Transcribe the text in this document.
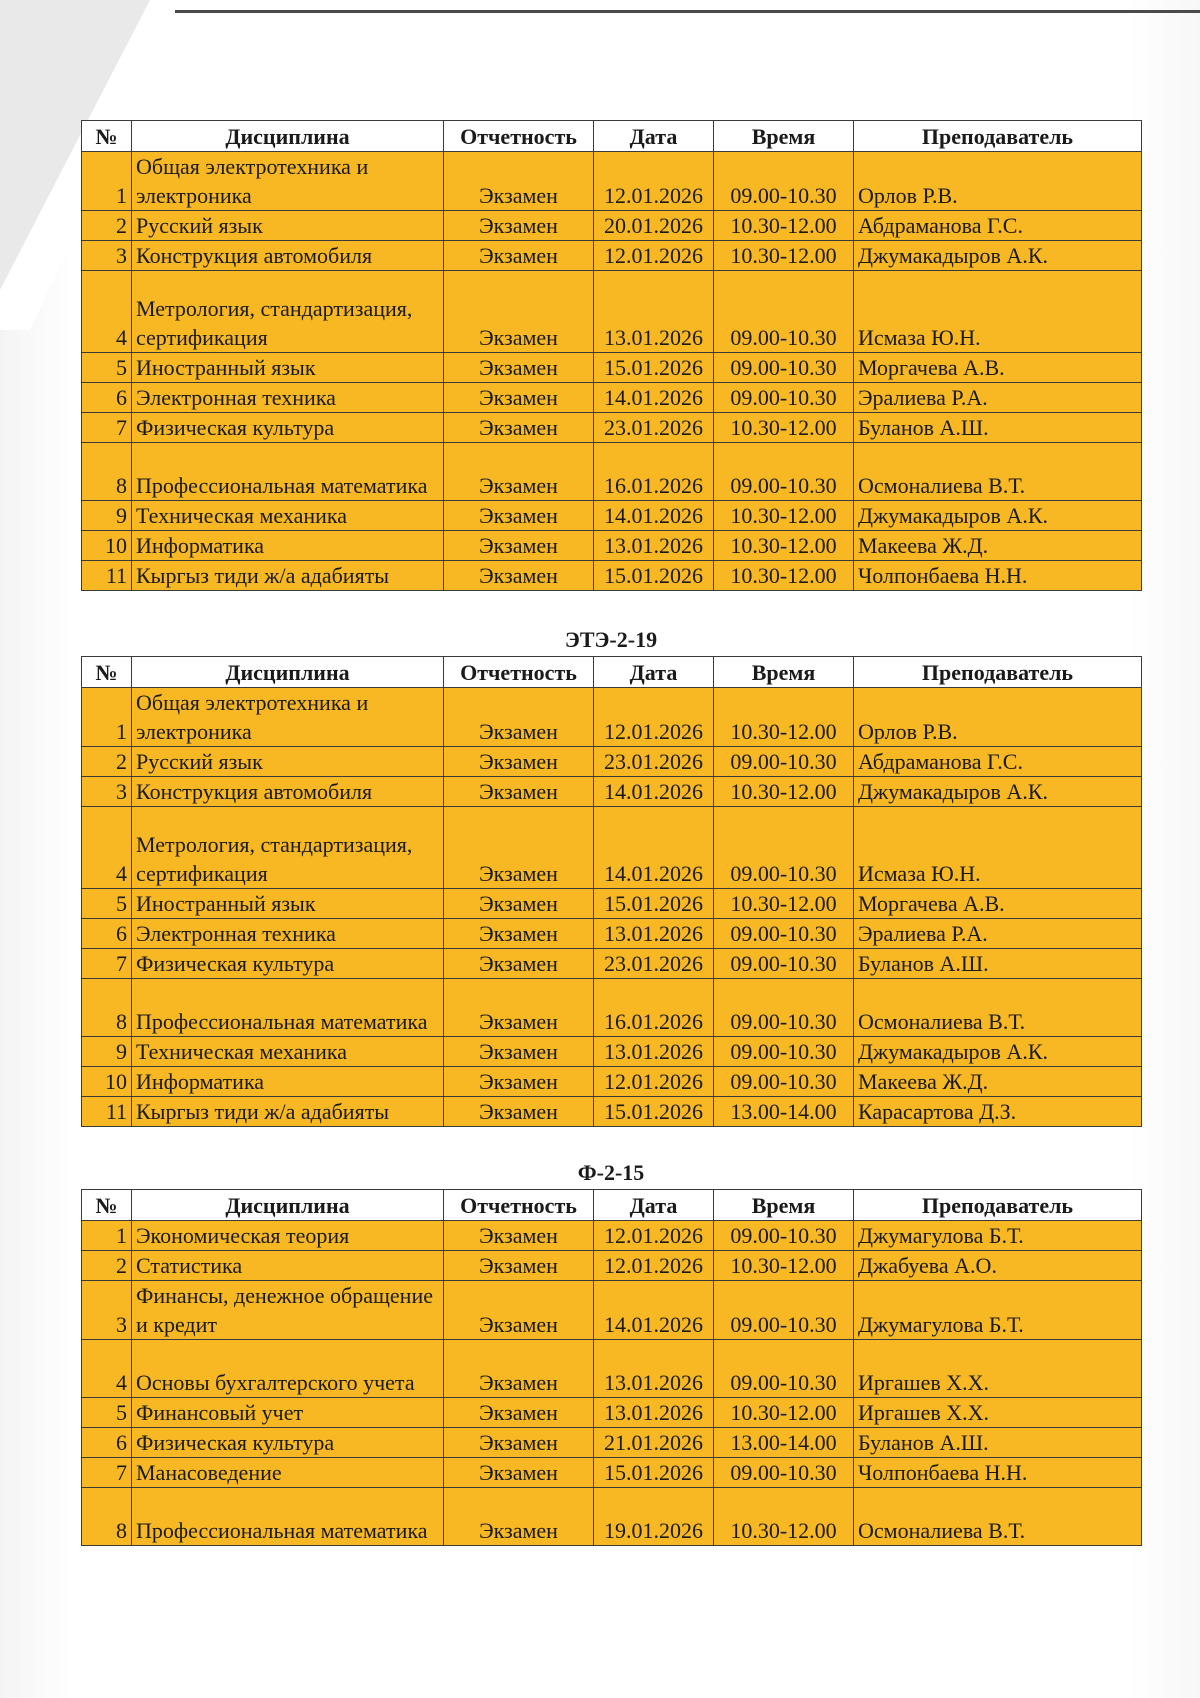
№	Дисциплина	Отчетность	Дата	Время	Преподаватель
1	Общая электротехника и электроника	Экзамен	12.01.2026	09.00-10.30	Орлов Р.В.
2	Русский язык	Экзамен	20.01.2026	10.30-12.00	Абдраманова Г.С.
3	Конструкция автомобиля	Экзамен	12.01.2026	10.30-12.00	Джумакадыров А.К.
4	Метрология, стандартизация, сертификация	Экзамен	13.01.2026	09.00-10.30	Исмаза Ю.Н.
5	Иностранный язык	Экзамен	15.01.2026	09.00-10.30	Моргачева А.В.
6	Электронная техника	Экзамен	14.01.2026	09.00-10.30	Эралиева Р.А.
7	Физическая культура	Экзамен	23.01.2026	10.30-12.00	Буланов А.Ш.
8	Профессиональная математика	Экзамен	16.01.2026	09.00-10.30	Осмоналиева В.Т.
9	Техническая механика	Экзамен	14.01.2026	10.30-12.00	Джумакадыров А.К.
10	Информатика	Экзамен	13.01.2026	10.30-12.00	Макеева Ж.Д.
11	Кыргыз тиди ж/а адабияты	Экзамен	15.01.2026	10.30-12.00	Чолпонбаева Н.Н.
ЭТЭ-2-19
№	Дисциплина	Отчетность	Дата	Время	Преподаватель
1	Общая электротехника и электроника	Экзамен	12.01.2026	10.30-12.00	Орлов Р.В.
2	Русский язык	Экзамен	23.01.2026	09.00-10.30	Абдраманова Г.С.
3	Конструкция автомобиля	Экзамен	14.01.2026	10.30-12.00	Джумакадыров А.К.
4	Метрология, стандартизация, сертификация	Экзамен	14.01.2026	09.00-10.30	Исмаза Ю.Н.
5	Иностранный язык	Экзамен	15.01.2026	10.30-12.00	Моргачева А.В.
6	Электронная техника	Экзамен	13.01.2026	09.00-10.30	Эралиева Р.А.
7	Физическая культура	Экзамен	23.01.2026	09.00-10.30	Буланов А.Ш.
8	Профессиональная математика	Экзамен	16.01.2026	09.00-10.30	Осмоналиева В.Т.
9	Техническая механика	Экзамен	13.01.2026	09.00-10.30	Джумакадыров А.К.
10	Информатика	Экзамен	12.01.2026	09.00-10.30	Макеева Ж.Д.
11	Кыргыз тиди ж/а адабияты	Экзамен	15.01.2026	13.00-14.00	Карасартова Д.З.
Ф-2-15
№	Дисциплина	Отчетность	Дата	Время	Преподаватель
1	Экономическая теория	Экзамен	12.01.2026	09.00-10.30	Джумагулова Б.Т.
2	Статистика	Экзамен	12.01.2026	10.30-12.00	Джабуева А.О.
3	Финансы, денежное обращение и кредит	Экзамен	14.01.2026	09.00-10.30	Джумагулова Б.Т.
4	Основы бухгалтерского учета	Экзамен	13.01.2026	09.00-10.30	Иргашев Х.Х.
5	Финансовый учет	Экзамен	13.01.2026	10.30-12.00	Иргашев Х.Х.
6	Физическая культура	Экзамен	21.01.2026	13.00-14.00	Буланов А.Ш.
7	Манасоведение	Экзамен	15.01.2026	09.00-10.30	Чолпонбаева Н.Н.
8	Профессиональная математика	Экзамен	19.01.2026	10.30-12.00	Осмоналиева В.Т.
